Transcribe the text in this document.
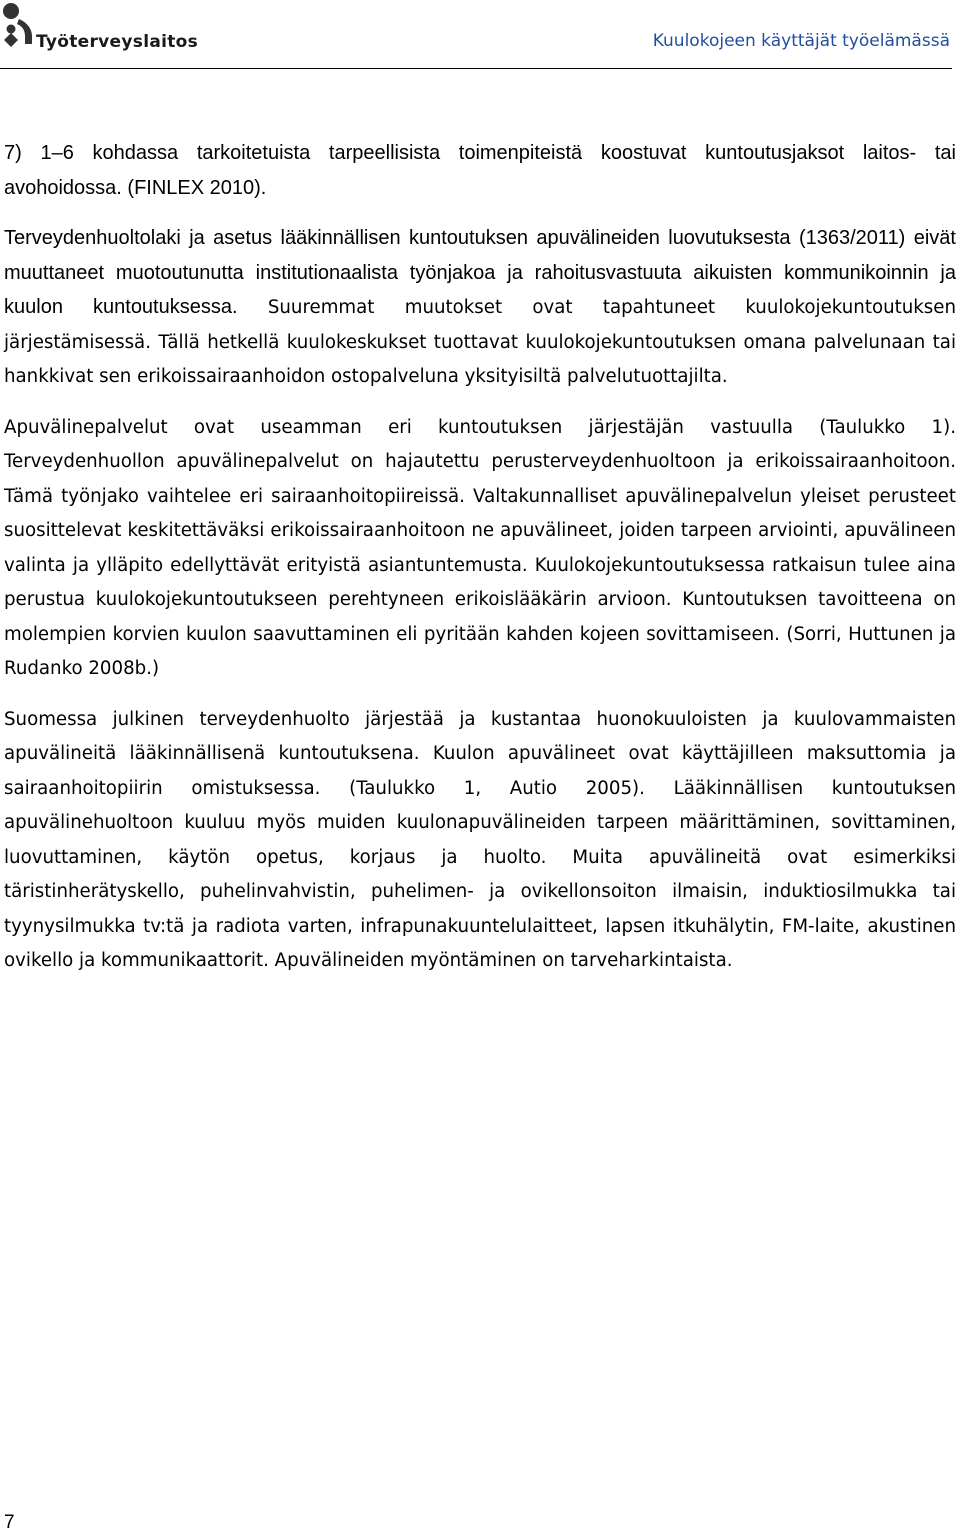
Työterveyslaitos	Kuulokojeen käyttäjät työelämässä

7) 1–6 kohdassa tarkoitetuista tarpeellisista toimenpiteistä koostuvat kuntoutusjaksot laitos- tai avohoidossa. (FINLEX 2010).

Terveydenhuoltolaki ja asetus lääkinnällisen kuntoutuksen apuvälineiden luovutuksesta (1363/2011) eivät muuttaneet muotoutunutta institutionaalista työnjakoa ja rahoitusvastuuta aikuisten kommunikoinnin ja kuulon kuntoutuksessa. Suuremmat muutokset ovat tapahtuneet kuulokojekuntoutuksen järjestämisessä. Tällä hetkellä kuulokeskukset tuottavat kuulokojekuntoutuksen omana palvelunaan tai hankkivat sen erikoissairaanhoidon ostopalveluna yksityisiltä palvelutuottajilta.

Apuvälinepalvelut ovat useamman eri kuntoutuksen järjestäjän vastuulla (Taulukko 1). Terveydenhuollon apuvälinepalvelut on hajautettu perusterveydenhuoltoon ja erikoissairaanhoitoon. Tämä työnjako vaihtelee eri sairaanhoitopiireissä. Valtakunnalliset apuvälinepalvelun yleiset perusteet suosittelevat keskitettäväksi erikoissairaanhoitoon ne apuvälineet, joiden tarpeen arviointi, apuvälineen valinta ja ylläpito edellyttävät erityistä asiantuntemusta. Kuulokojekuntoutuksessa ratkaisun tulee aina perustua kuulokojekuntoutukseen perehtyneen erikoislääkärin arvioon. Kuntoutuksen tavoitteena on molempien korvien kuulon saavuttaminen eli pyritään kahden kojeen sovittamiseen. (Sorri, Huttunen ja Rudanko 2008b.)

Suomessa julkinen terveydenhuolto järjestää ja kustantaa huonokuuloisten ja kuulovammaisten apuvälineitä lääkinnällisenä kuntoutuksena. Kuulon apuvälineet ovat käyttäjilleen maksuttomia ja sairaanhoitopiirin omistuksessa. (Taulukko 1, Autio 2005). Lääkinnällisen kuntoutuksen apuvälinehuoltoon kuuluu myös muiden kuulonapuvälineiden tarpeen määrittäminen, sovittaminen, luovuttaminen, käytön opetus, korjaus ja huolto. Muita apuvälineitä ovat esimerkiksi täristinherätyskello, puhelinvahvistin, puhelimen- ja ovikellonsoiton ilmaisin, induktiosilmukka tai tyynysilmukka tv:tä ja radiota varten, infrapunakuuntelulaitteet, lapsen itkuhälytin, FM-laite, akustinen ovikello ja kommunikaattorit. Apuvälineiden myöntäminen on tarveharkintaista.

7
